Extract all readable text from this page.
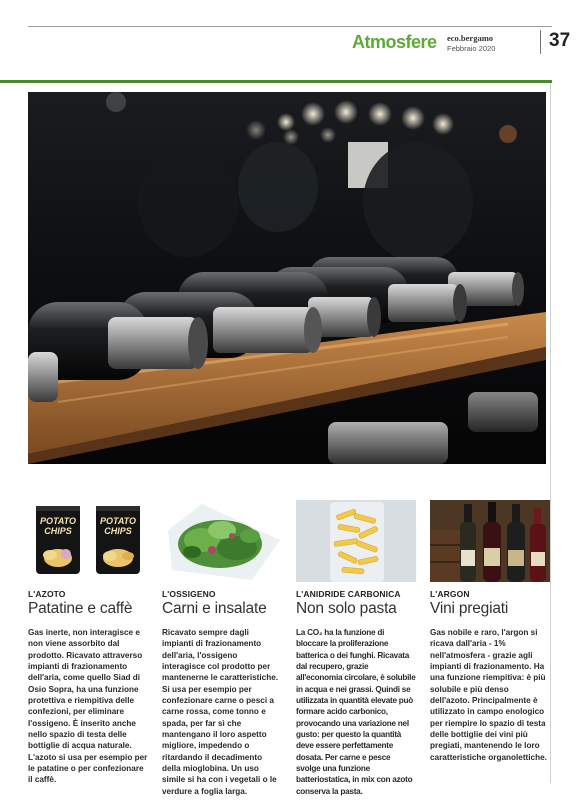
Atmosfere eco.bergamo
Febbraio 2020	37
POTATO
CHIPS
POTATO
CHIPS
L'AZOTO
Patatine e caffè
Gas inerte, non interagisce e non viene assorbito dal prodotto. Ricavato attraverso impianti di frazionamento dell'aria, come quello Siad di Osio Sopra, ha una funzione protettiva e riempitiva delle confezioni, per eliminare l'ossigeno. È inserito anche nello spazio di testa delle bottiglie di acqua naturale. L'azoto si usa per esempio per le patatine o per confezionare il caffè.
L'OSSIGENO
Carni e insalate
Ricavato sempre dagli impianti di frazionamento dell'aria, l'ossigeno interagisce col prodotto per mantenerne le caratteristiche. Si usa per esempio per confezionare carne o pesci a carne rossa, come tonno e spada, per far sì che mantengano il loro aspetto migliore, impedendo o ritardando il decadimento della mioglobina. Un uso simile si ha con i vegetali o le verdure a foglia larga.
L'ANIDRIDE CARBONICA
Non solo pasta
La CO₂ ha la funzione di bloccare la proliferazione batterica o dei funghi. Ricavata dal recupero, grazie all'economia circolare, è solubile in acqua e nei grassi. Quindi se utilizzata in quantità elevate può formare acido carbonico, provocando una variazione nel gusto: per questo la quantità deve essere perfettamente dosata. Per carne e pesce svolge una funzione batteriostatica, in mix con azoto conserva la pasta.
L'ARGON
Vini pregiati
Gas nobile e raro, l'argon si ricava dall'aria - 1% nell'atmosfera - grazie agli impianti di frazionamento. Ha una funzione riempitiva: è più solubile e più denso dell'azoto. Principalmente è utilizzato in campo enologico per riempire lo spazio di testa delle bottiglie dei vini più pregiati, mantenendo le loro caratteristiche organolettiche.
